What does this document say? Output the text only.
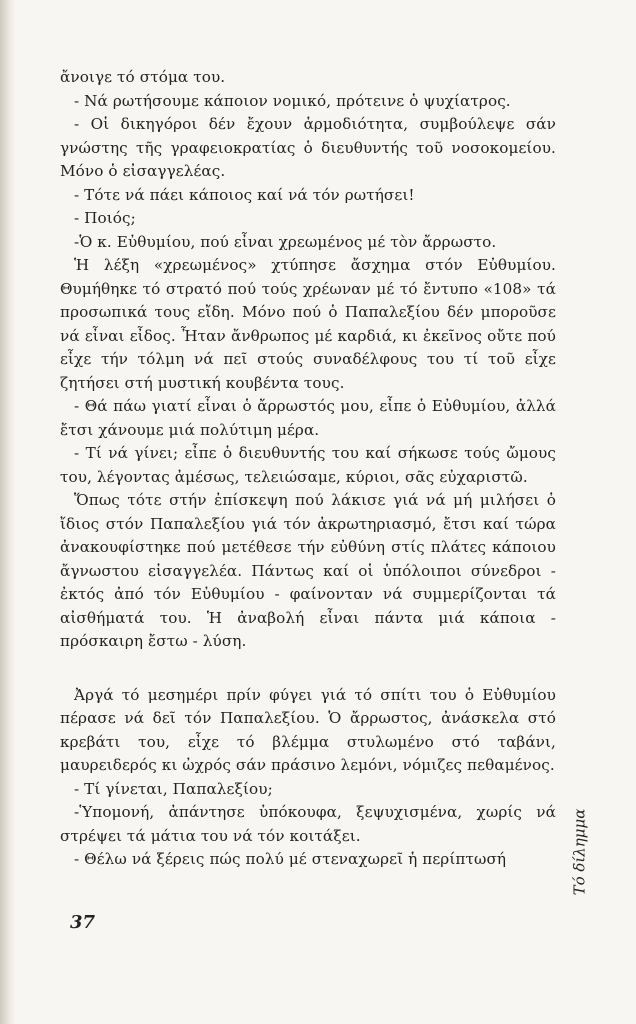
ἄνοιγε τό στόμα του.

- Νά ρωτήσουμε κάποιον νομικό, πρότεινε ὁ ψυχίατρος.

- Οἱ δικηγόροι δέν ἔχουν ἁρμοδιότητα, συμβούλεψε σάν γνώστης τῆς γραφειοκρατίας ὁ διευθυντής τοῦ νοσοκομείου. Μόνο ὁ εἰσαγγελέας.

- Τότε νά πάει κάποιος καί νά τόν ρωτήσει!

- Ποιός;

-Ὁ κ. Εὐθυμίου, πού εἶναι χρεωμένος μέ τὸν ἄρρωστο.

Ἡ λέξη «χρεωμένος» χτύπησε ἄσχημα στόν Εὐθυμίου. Θυμήθηκε τό στρατό πού τούς χρέωναν μέ τό ἔντυπο «108» τά προσωπικά τους εἴδη. Μόνο πού ὁ Παπαλεξίου δέν μποροῦσε νά εἶναι εἶδος. Ἦταν ἄνθρωπος μέ καρδιά, κι ἐκεῖνος οὔτε πού εἶχε τήν τόλμη νά πεῖ στούς συναδέλφους του τί τοῦ εἶχε ζητήσει στή μυστική κουβέντα τους.

- Θά πάω γιατί εἶναι ὁ ἄρρωστός μου, εἶπε ὁ Εὐθυμίου, ἀλλά ἔτσι χάνουμε μιά πολύτιμη μέρα.

- Τί νά γίνει; εἶπε ὁ διευθυντής του καί σήκωσε τούς ὤμους του, λέγοντας ἀμέσως, τελειώσαμε, κύριοι, σᾶς εὐχαριστῶ.

Ὅπως τότε στήν ἐπίσκεψη πού λάκισε γιά νά μή μιλήσει ὁ ἴδιος στόν Παπαλεξίου γιά τόν ἀκρωτηριασμό, ἔτσι καί τώρα ἀνακουφίστηκε πού μετέθεσε τήν εὐθύνη στίς πλάτες κάποιου ἄγνωστου εἰσαγγελέα. Πάντως καί οἱ ὑπόλοιποι σύνεδροι - ἐκτός ἀπό τόν Εὐθυμίου - φαίνονταν νά συμμερίζονται τά αἰσθήματά του. Ἡ ἀναβολή εἶναι πάντα μιά κάποια - πρόσκαιρη ἔστω - λύση.

Ἀργά τό μεσημέρι πρίν φύγει γιά τό σπίτι του ὁ Εὐθυμίου πέρασε νά δεῖ τόν Παπαλεξίου. Ὁ ἄρρωστος, ἀνάσκελα στό κρεβάτι του, εἶχε τό βλέμμα στυλωμένο στό ταβάνι, μαυρειδερός κι ὠχρός σάν πράσινο λεμόνι, νόμιζες πεθαμένος.

- Τί γίνεται, Παπαλεξίου;

-Ὑπομονή, ἀπάντησε ὑπόκουφα, ξεψυχισμένα, χωρίς νά στρέψει τά μάτια του νά τόν κοιτάξει.

- Θέλω νά ξέρεις πώς πολύ μέ στεναχωρεῖ ἡ περίπτωσή

37
Τό δίλημμα
